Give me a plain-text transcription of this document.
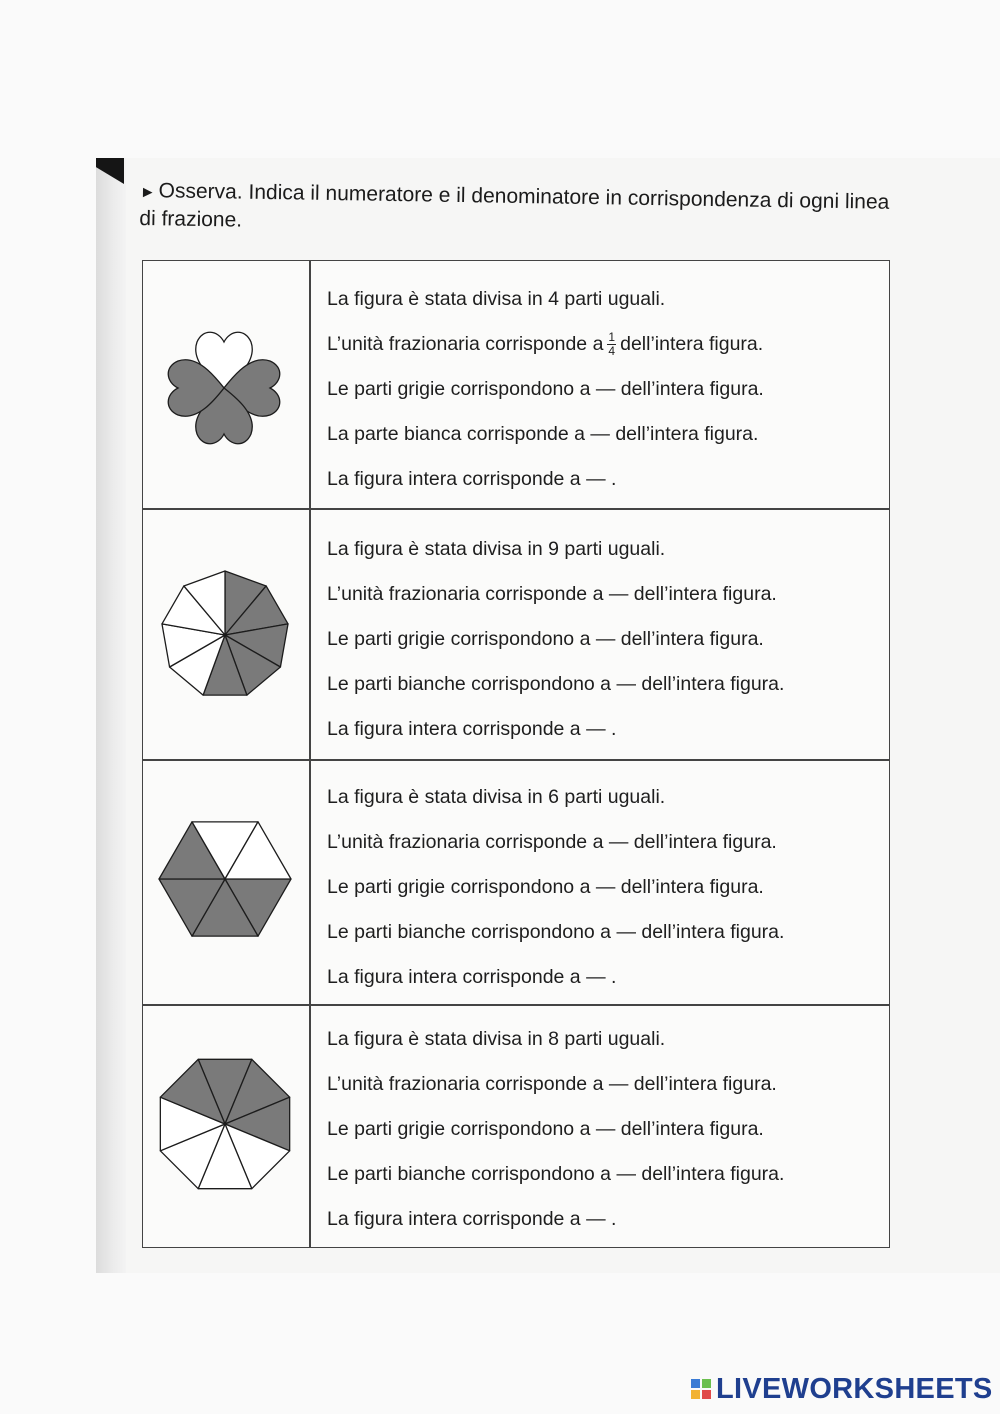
► Osserva. Indica il numeratore e il denominatore in corrispondenza di ogni linea di frazione.
La figura è stata divisa in 4 parti uguali.
L’unità frazionaria corrisponde a $\frac{1}{4}$ dell’intera figura.
Le parti grigie corrispondono a — dell’intera figura.
La parte bianca corrisponde a — dell’intera figura.
La figura intera corrisponde a — .
La figura è stata divisa in 9 parti uguali.
L’unità frazionaria corrisponde a — dell’intera figura.
Le parti grigie corrispondono a — dell’intera figura.
Le parti bianche corrispondono a — dell’intera figura.
La figura intera corrisponde a — .
La figura è stata divisa in 6 parti uguali.
L’unità frazionaria corrisponde a — dell’intera figura.
Le parti grigie corrispondono a — dell’intera figura.
Le parti bianche corrispondono a — dell’intera figura.
La figura intera corrisponde a — .
La figura è stata divisa in 8 parti uguali.
L’unità frazionaria corrisponde a — dell’intera figura.
Le parti grigie corrispondono a — dell’intera figura.
Le parti bianche corrispondono a — dell’intera figura.
La figura intera corrisponde a — .
LIVEWORKSHEETS
